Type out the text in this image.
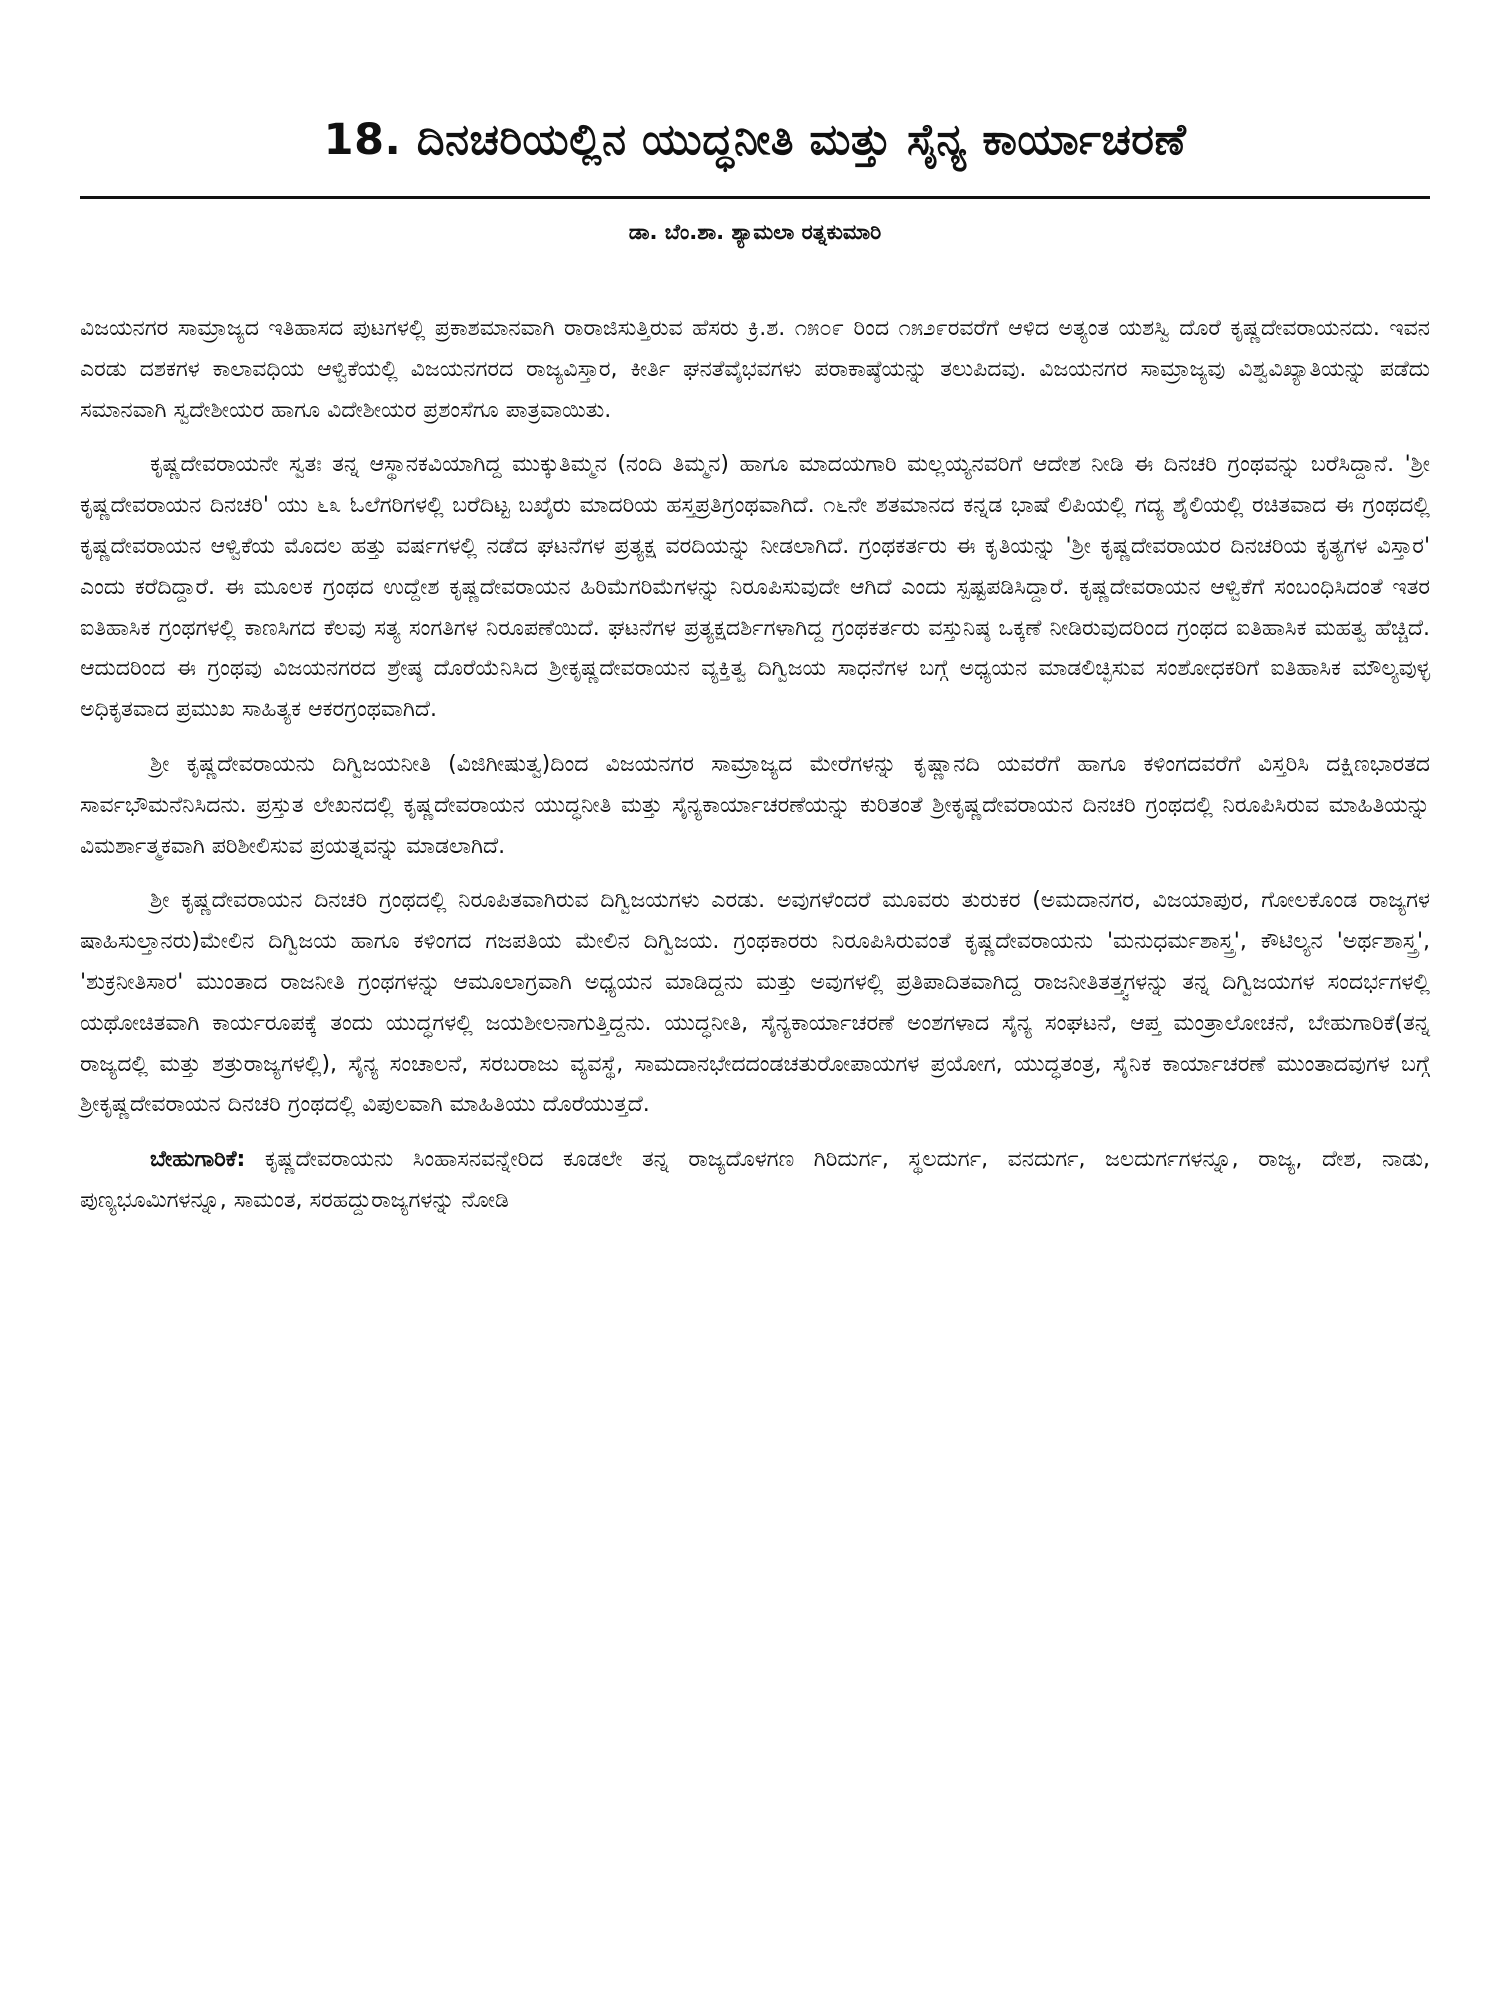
18. ದಿನಚರಿಯಲ್ಲಿನ ಯುದ್ಧನೀತಿ ಮತ್ತು ಸೈನ್ಯ ಕಾರ್ಯಾಚರಣೆ
ಡಾ. ಬೆಂ.ಶಾ. ಶ್ಯಾಮಲಾ ರತ್ನಕುಮಾರಿ

ವಿಜಯನಗರ ಸಾಮ್ರಾಜ್ಯದ ಇತಿಹಾಸದ ಪುಟಗಳಲ್ಲಿ ಪ್ರಕಾಶಮಾನವಾಗಿ ರಾರಾಜಿಸುತ್ತಿರುವ ಹೆಸರು ಕ್ರಿ.ಶ. ೧೫೦೯ ರಿಂದ ೧೫೨೯ರವರೆಗೆ ಆಳಿದ ಅತ್ಯಂತ ಯಶಸ್ವಿ ದೊರೆ ಕೃಷ್ಣದೇವರಾಯನದು. ಇವನ ಎರಡು ದಶಕಗಳ ಕಾಲಾವಧಿಯ ಆಳ್ವಿಕೆಯಲ್ಲಿ ವಿಜಯನಗರದ ರಾಜ್ಯವಿಸ್ತಾರ, ಕೀರ್ತಿ ಘನತೆವೈಭವಗಳು ಪರಾಕಾಷ್ಠೆಯನ್ನು ತಲುಪಿದವು. ವಿಜಯನಗರ ಸಾಮ್ರಾಜ್ಯವು ವಿಶ್ವವಿಖ್ಯಾತಿಯನ್ನು ಪಡೆದು ಸಮಾನವಾಗಿ ಸ್ವದೇಶೀಯರ ಹಾಗೂ ವಿದೇಶೀಯರ ಪ್ರಶಂಸೆಗೂ ಪಾತ್ರವಾಯಿತು.

ಕೃಷ್ಣದೇವರಾಯನೇ ಸ್ವತಃ ತನ್ನ ಆಸ್ಥಾನಕವಿಯಾಗಿದ್ದ ಮುಕ್ಕುತಿಮ್ಮನ (ನಂದಿ ತಿಮ್ಮನ) ಹಾಗೂ ಮಾದಯಗಾರಿ ಮಲ್ಲಯ್ಯನವರಿಗೆ ಆದೇಶ ನೀಡಿ ಈ ದಿನಚರಿ ಗ್ರಂಥವನ್ನು ಬರೆಸಿದ್ದಾನೆ. 'ಶ್ರೀ ಕೃಷ್ಣದೇವರಾಯನ ದಿನಚರಿ' ಯು ೬೩ ಓಲೆಗರಿಗಳಲ್ಲಿ ಬರೆದಿಟ್ಟ ಬಖೈರು ಮಾದರಿಯ ಹಸ್ತಪ್ರತಿಗ್ರಂಥವಾಗಿದೆ. ೧೬ನೇ ಶತಮಾನದ ಕನ್ನಡ ಭಾಷೆ ಲಿಪಿಯಲ್ಲಿ ಗದ್ಯ ಶೈಲಿಯಲ್ಲಿ ರಚಿತವಾದ ಈ ಗ್ರಂಥದಲ್ಲಿ ಕೃಷ್ಣದೇವರಾಯನ ಆಳ್ವಿಕೆಯ ಮೊದಲ ಹತ್ತು ವರ್ಷಗಳಲ್ಲಿ ನಡೆದ ಘಟನೆಗಳ ಪ್ರತ್ಯಕ್ಷ ವರದಿಯನ್ನು ನೀಡಲಾಗಿದೆ. ಗ್ರಂಥಕರ್ತರು ಈ ಕೃತಿಯನ್ನು 'ಶ್ರೀ ಕೃಷ್ಣದೇವರಾಯರ ದಿನಚರಿಯ ಕೃತ್ಯಗಳ ವಿಸ್ತಾರ' ಎಂದು ಕರೆದಿದ್ದಾರೆ. ಈ ಮೂಲಕ ಗ್ರಂಥದ ಉದ್ದೇಶ ಕೃಷ್ಣದೇವರಾಯನ ಹಿರಿಮೆಗರಿಮೆಗಳನ್ನು ನಿರೂಪಿಸುವುದೇ ಆಗಿದೆ ಎಂದು ಸ್ಪಷ್ಟಪಡಿಸಿದ್ದಾರೆ. ಕೃಷ್ಣದೇವರಾಯನ ಆಳ್ವಿಕೆಗೆ ಸಂಬಂಧಿಸಿದಂತೆ ಇತರ ಐತಿಹಾಸಿಕ ಗ್ರಂಥಗಳಲ್ಲಿ ಕಾಣಸಿಗದ ಕೆಲವು ಸತ್ಯ ಸಂಗತಿಗಳ ನಿರೂಪಣೆಯಿದೆ. ಘಟನೆಗಳ ಪ್ರತ್ಯಕ್ಷದರ್ಶಿಗಳಾಗಿದ್ದ ಗ್ರಂಥಕರ್ತರು ವಸ್ತುನಿಷ್ಠ ಒಕ್ಕಣೆ ನೀಡಿರುವುದರಿಂದ ಗ್ರಂಥದ ಐತಿಹಾಸಿಕ ಮಹತ್ವ ಹೆಚ್ಚಿದೆ. ಆದುದರಿಂದ ಈ ಗ್ರಂಥವು ವಿಜಯನಗರದ ಶ್ರೇಷ್ಠ ದೊರೆಯೆನಿಸಿದ ಶ್ರೀಕೃಷ್ಣದೇವರಾಯನ ವ್ಯಕ್ತಿತ್ವ ದಿಗ್ವಿಜಯ ಸಾಧನೆಗಳ ಬಗ್ಗೆ ಅಧ್ಯಯನ ಮಾಡಲಿಚ್ಛಿಸುವ ಸಂಶೋಧಕರಿಗೆ ಐತಿಹಾಸಿಕ ಮೌಲ್ಯವುಳ್ಳ ಅಧಿಕೃತವಾದ ಪ್ರಮುಖ ಸಾಹಿತ್ಯಕ ಆಕರಗ್ರಂಥವಾಗಿದೆ.

ಶ್ರೀ ಕೃಷ್ಣದೇವರಾಯನು ದಿಗ್ವಿಜಯನೀತಿ (ವಿಜಿಗೀಷುತ್ವ)ದಿಂದ ವಿಜಯನಗರ ಸಾಮ್ರಾಜ್ಯದ ಮೇರೆಗಳನ್ನು ಕೃಷ್ಣಾನದಿ ಯವರೆಗೆ ಹಾಗೂ ಕಳಿಂಗದವರೆಗೆ ವಿಸ್ತರಿಸಿ ದಕ್ಷಿಣಭಾರತದ ಸಾರ್ವಭೌಮನೆನಿಸಿದನು. ಪ್ರಸ್ತುತ ಲೇಖನದಲ್ಲಿ ಕೃಷ್ಣದೇವರಾಯನ ಯುದ್ಧನೀತಿ ಮತ್ತು ಸೈನ್ಯಕಾರ್ಯಾಚರಣೆಯನ್ನು ಕುರಿತಂತೆ ಶ್ರೀಕೃಷ್ಣದೇವರಾಯನ ದಿನಚರಿ ಗ್ರಂಥದಲ್ಲಿ ನಿರೂಪಿಸಿರುವ ಮಾಹಿತಿಯನ್ನು ವಿಮರ್ಶಾತ್ಮಕವಾಗಿ ಪರಿಶೀಲಿಸುವ ಪ್ರಯತ್ನವನ್ನು ಮಾಡಲಾಗಿದೆ.

ಶ್ರೀ ಕೃಷ್ಣದೇವರಾಯನ ದಿನಚರಿ ಗ್ರಂಥದಲ್ಲಿ ನಿರೂಪಿತವಾಗಿರುವ ದಿಗ್ವಿಜಯಗಳು ಎರಡು. ಅವುಗಳೆಂದರೆ ಮೂವರು ತುರುಕರ (ಅಮದಾನಗರ, ವಿಜಯಾಪುರ, ಗೋಲಕೊಂಡ ರಾಜ್ಯಗಳ ಷಾಹಿಸುಲ್ತಾನರು)ಮೇಲಿನ ದಿಗ್ವಿಜಯ ಹಾಗೂ ಕಳಿಂಗದ ಗಜಪತಿಯ ಮೇಲಿನ ದಿಗ್ವಿಜಯ. ಗ್ರಂಥಕಾರರು ನಿರೂಪಿಸಿರುವಂತೆ ಕೃಷ್ಣದೇವರಾಯನು 'ಮನುಧರ್ಮಶಾಸ್ತ್ರ', ಕೌಟಿಲ್ಯನ 'ಅರ್ಥಶಾಸ್ತ್ರ', 'ಶುಕ್ರನೀತಿಸಾರ' ಮುಂತಾದ ರಾಜನೀತಿ ಗ್ರಂಥಗಳನ್ನು ಆಮೂಲಾಗ್ರವಾಗಿ ಅಧ್ಯಯನ ಮಾಡಿದ್ದನು ಮತ್ತು ಅವುಗಳಲ್ಲಿ ಪ್ರತಿಪಾದಿತವಾಗಿದ್ದ ರಾಜನೀತಿತತ್ತ್ವಗಳನ್ನು ತನ್ನ ದಿಗ್ವಿಜಯಗಳ ಸಂದರ್ಭಗಳಲ್ಲಿ ಯಥೋಚಿತವಾಗಿ ಕಾರ್ಯರೂಪಕ್ಕೆ ತಂದು ಯುದ್ಧಗಳಲ್ಲಿ ಜಯಶೀಲನಾಗುತ್ತಿದ್ದನು. ಯುದ್ಧನೀತಿ, ಸೈನ್ಯಕಾರ್ಯಾಚರಣೆ ಅಂಶಗಳಾದ ಸೈನ್ಯ ಸಂಘಟನೆ, ಆಪ್ತ ಮಂತ್ರಾಲೋಚನೆ, ಬೇಹುಗಾರಿಕೆ(ತನ್ನ ರಾಜ್ಯದಲ್ಲಿ ಮತ್ತು ಶತ್ರುರಾಜ್ಯಗಳಲ್ಲಿ), ಸೈನ್ಯ ಸಂಚಾಲನೆ, ಸರಬರಾಜು ವ್ಯವಸ್ಥೆ, ಸಾಮದಾನಭೇದದಂಡಚತುರೋಪಾಯಗಳ ಪ್ರಯೋಗ, ಯುದ್ಧತಂತ್ರ, ಸೈನಿಕ ಕಾರ್ಯಾಚರಣೆ ಮುಂತಾದವುಗಳ ಬಗ್ಗೆ ಶ್ರೀಕೃಷ್ಣದೇವರಾಯನ ದಿನಚರಿ ಗ್ರಂಥದಲ್ಲಿ ವಿಪುಲವಾಗಿ ಮಾಹಿತಿಯು ದೊರೆಯುತ್ತದೆ.

ಬೇಹುಗಾರಿಕೆ: ಕೃಷ್ಣದೇವರಾಯನು ಸಿಂಹಾಸನವನ್ನೇರಿದ ಕೂಡಲೇ ತನ್ನ ರಾಜ್ಯದೊಳಗಣ ಗಿರಿದುರ್ಗ, ಸ್ಥಲದುರ್ಗ, ವನದುರ್ಗ, ಜಲದುರ್ಗಗಳನ್ನೂ, ರಾಜ್ಯ, ದೇಶ, ನಾಡು, ಪುಣ್ಯಭೂಮಿಗಳನ್ನೂ, ಸಾಮಂತ, ಸರಹದ್ದುರಾಜ್ಯಗಳನ್ನು ನೋಡಿ
